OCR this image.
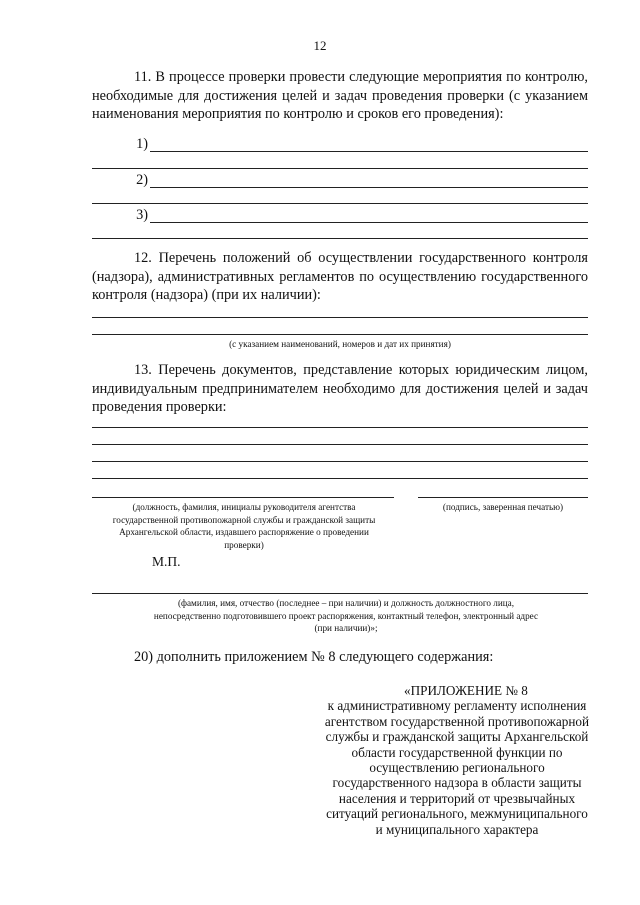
12
11. В процессе проверки провести следующие мероприятия по контролю, необходимые для достижения целей и задач проведения проверки (с указанием наименования мероприятия по контролю и сроков его проведения):
1)
2)
3)
12. Перечень положений об осуществлении государственного контроля (надзора), административных регламентов по осуществлению государственного контроля (надзора) (при их наличии):
(с указанием наименований, номеров и дат их принятия)
13. Перечень документов, представление которых юридическим лицом, индивидуальным предпринимателем необходимо для достижения целей и задач проведения проверки:
(должность, фамилия, инициалы руководителя агентства государственной противопожарной службы и гражданской защиты Архангельской области, издавшего распоряжение о проведении проверки)
(подпись, заверенная печатью)
М.П.
(фамилия, имя, отчество (последнее – при наличии) и должность должностного лица, непосредственно подготовившего проект распоряжения, контактный телефон, электронный адрес (при наличии)»;
20) дополнить приложением № 8 следующего содержания:
«ПРИЛОЖЕНИЕ № 8
к административному регламенту исполнения агентством государственной противопожарной службы и гражданской защиты Архангельской области государственной функции по осуществлению регионального государственного надзора в области защиты населения и территорий от чрезвычайных ситуаций регионального, межмуниципального и муниципального характера
